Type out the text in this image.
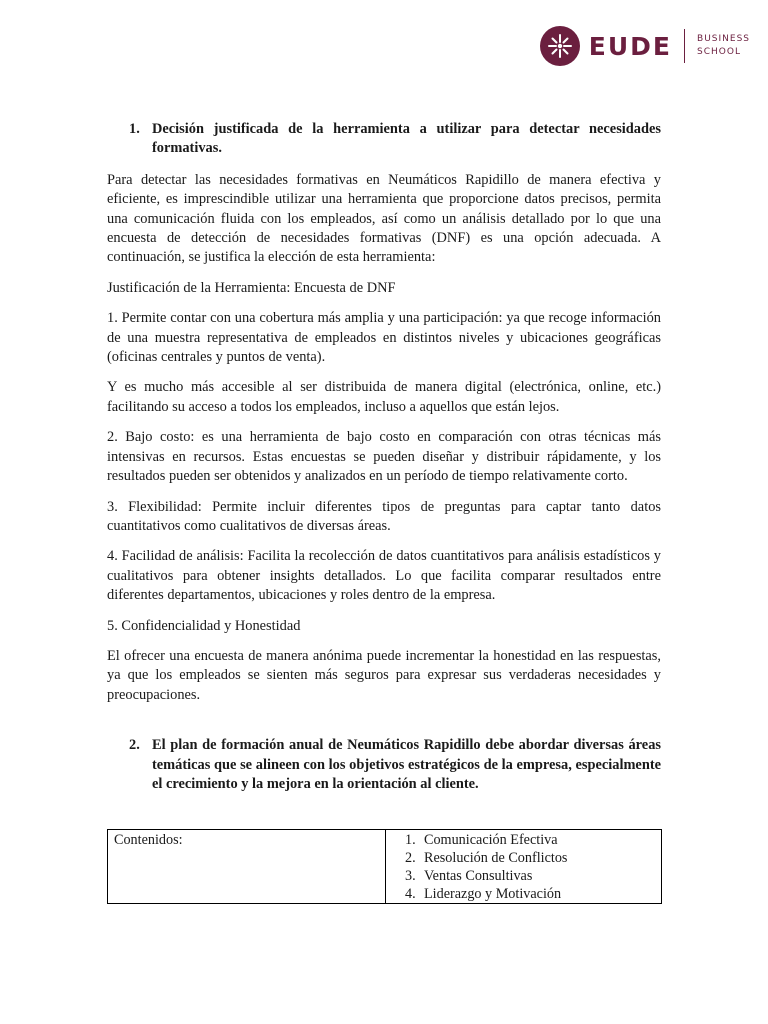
EUDE	BUSINESS
SCHOOL
1. Decisión justificada de la herramienta a utilizar para detectar necesidades formativas.

Para detectar las necesidades formativas en Neumáticos Rapidillo de manera efectiva y eficiente, es imprescindible utilizar una herramienta que proporcione datos precisos, permita una comunicación fluida con los empleados, así como un análisis detallado por lo que una encuesta de detección de necesidades formativas (DNF) es una opción adecuada. A continuación, se justifica la elección de esta herramienta:

Justificación de la Herramienta: Encuesta de DNF

1. Permite contar con una cobertura más amplia y una participación: ya que recoge información de una muestra representativa de empleados en distintos niveles y ubicaciones geográficas (oficinas centrales y puntos de venta).

Y es mucho más accesible al ser distribuida de manera digital (electrónica, online, etc.) facilitando su acceso a todos los empleados, incluso a aquellos que están lejos.

2. Bajo costo: es una herramienta de bajo costo en comparación con otras técnicas más intensivas en recursos. Estas encuestas se pueden diseñar y distribuir rápidamente, y los resultados pueden ser obtenidos y analizados en un período de tiempo relativamente corto.

3. Flexibilidad: Permite incluir diferentes tipos de preguntas para captar tanto datos cuantitativos como cualitativos de diversas áreas.

4. Facilidad de análisis: Facilita la recolección de datos cuantitativos para análisis estadísticos y cualitativos para obtener insights detallados. Lo que facilita comparar resultados entre diferentes departamentos, ubicaciones y roles dentro de la empresa.

5. Confidencialidad y Honestidad

El ofrecer una encuesta de manera anónima puede incrementar la honestidad en las respuestas, ya que los empleados se sienten más seguros para expresar sus verdaderas necesidades y preocupaciones.

2. El plan de formación anual de Neumáticos Rapidillo debe abordar diversas áreas temáticas que se alineen con los objetivos estratégicos de la empresa, especialmente el crecimiento y la mejora en la orientación al cliente.
Contenidos:	1. Comunicación Efectiva
2. Resolución de Conflictos
3. Ventas Consultivas
4. Liderazgo y Motivación
